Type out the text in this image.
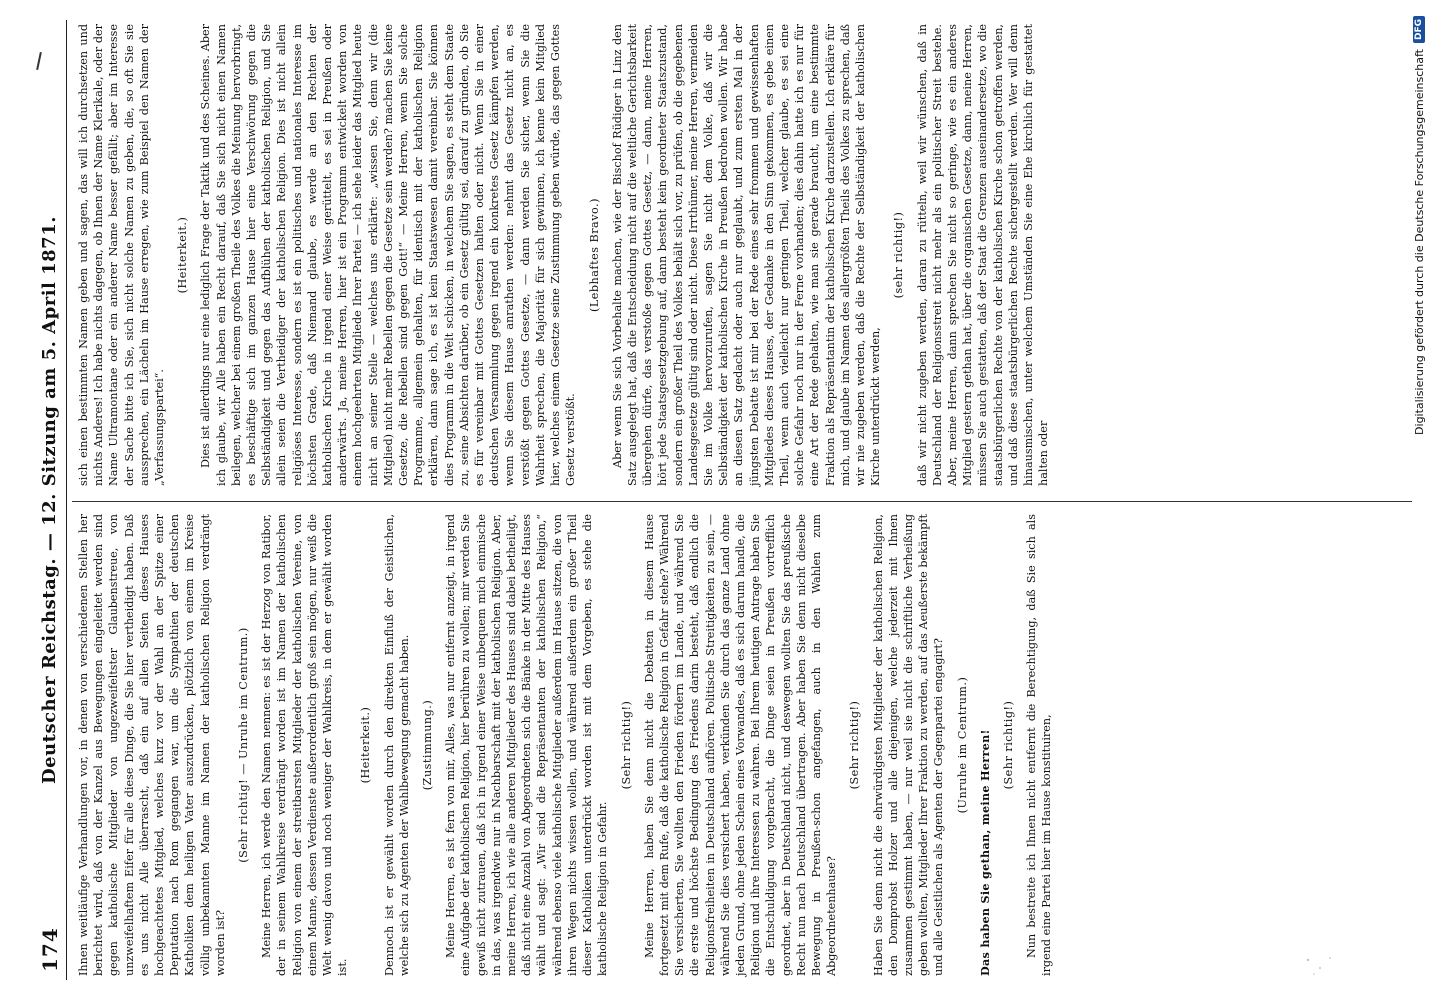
174
Deutscher Reichstag. — 12. Sitzung am 5. April 1871. Ihnen weitläufige Verhandlungen vor, in denen von verschiedenen Stellen her berichtet wird, daß von der Kanzel aus Bewegungen eingeleitet werden sind gegen katholische Mitglieder von ungezweifeltster Glaubenstreue, von unzweifelhaftem Eifer für alle diese Dinge, die Sie hier vertheidigt haben. Daß es uns nicht Alle überrascht, daß ein auf allen Seiten dieses Hauses hochgeachtetes Mitglied, welches kurz vor der Wahl an der Spitze einer Deputation nach Rom gegangen war, um die Sympathien der deutschen Katholiken dem heiligen Vater auszudrücken, plötzlich von einem im Kreise völlig unbekannten Manne im Namen der katholischen Religion verdrängt worden ist?

(Sehr richtig! — Unruhe im Centrum.) Meine Herren, ich werde den Namen nennen: es ist der Herzog von Ratibor, der in seinem Wahlkreise verdrängt worden ist im Namen der katholischen Religion von einem der streitbarsten Mitglieder der katholischen Vereine, von einem Manne, dessen Verdienste außerordentlich groß sein mögen, nur weiß die Welt wenig davon und noch weniger der Wahlkreis, in dem er gewählt worden ist.

(Heiterkeit.) Dennoch ist er gewählt worden durch den direkten Einfluß der Geistlichen, welche sich zu Agenten der Wahlbewegung gemacht haben. (Zustimmung.) Meine Herren, es ist fern von mir, Alles, was nur entfernt anzeigt, in irgend eine Aufgabe der katholischen Religion, hier berühren zu wollen; mir werden Sie gewiß nicht zutrauen, daß ich in irgend einer Weise unbequem mich einmische in das, was irgendwie nur in Nachbarschaft mit der katholischen Religion. Aber, meine Herren, ich wie alle anderen Mitglieder des Hauses sind dabei betheiligt, daß nicht eine Anzahl von Abgeordneten sich die Bänke in der Mitte des Hauses wählt und sagt: „Wir sind die Repräsentanten der katholischen Religion,“ während ebenso viele katholische Mitglieder außerdem im Hause sitzen, die von ihren Wegen nichts wissen wollen, und während außerdem ein großer Theil dieser Katholiken unterdrückt worden ist mit dem Vorgeben, es stehe die katholische Religion in Gefahr.

(Sehr richtig!) Meine Herren, haben Sie denn nicht die Debatten in diesem Hause fortgesetzt mit dem Rufe, daß die katholische Religion in Gefahr stehe? Während Sie versicherten, Sie wollten den Frieden fördern im Lande, und während Sie die erste und höchste Bedingung des Friedens darin besteht, daß endlich die Religionsfreiheiten in Deutschland aufhören. Politische Streitigkeiten zu sein, — während Sie dies versichert haben, verkünden Sie durch das ganze Land ohne jeden Grund, ohne jeden Schein eines Vorwandes, daß es sich darum handle, die Religion und ihre Interessen zu wahren. Bei Ihrem heutigen Antrage haben Sie die Entschuldigung vorgebracht, die Dinge seien in Preußen vortrefflich geordnet, aber in Deutschland nicht, und deswegen wollten Sie das preußische Recht nun nach Deutschland übertragen. Aber haben Sie denn nicht dieselbe Bewegung in Preußen-schon angefangen, auch in den Wahlen zum Abgeordnetenhause?

(Sehr richtig!) Haben Sie denn nicht die ehrwürdigsten Mitglieder der katholischen Religion, den Domprobst Holzer und alle diejenigen, welche jederzeit mit Ihnen zusammen gestimmt haben, — nur weil sie nicht die schriftliche Verheißung geben wollten, Mitglieder Ihrer Fraktion zu werden, auf das Aeußerste bekämpft und alle Geistlichen als Agenten der Gegenpartei engagirt? (Unruhe im Centrum.) Das haben Sie gethan, meine Herren! (Sehr richtig!) Nun bestreite ich Ihnen nicht entfernt die Berechtigung, daß Sie sich als irgend eine Partei hier im Hause konstituiren,

sich einen bestimmten Namen geben und sagen, das will ich durchsetzen und nichts Anderes! Ich habe nichts dagegen, ob Ihnen der Name Klerikale, oder der Name Ultramontane oder ein anderer Name besser gefällt; aber im Interesse der Sache bitte ich Sie, sich nicht solche Namen zu geben, die, so oft Sie sie aussprechen, ein Lächeln im Hause erregen, wie zum Beispiel den Namen der „Verfassungspartei“.

(Heiterkeit.) Dies ist allerdings nur eine lediglich Frage der Taktik und des Scheines. Aber ich glaube, wir Alle haben ein Recht darauf, daß Sie sich nicht einen Namen beilegen, welcher bei einem großen Theile des Volkes die Meinung hervorbringt, es beschäftige sich im ganzen Hause hier eine Verschwörung gegen die Selbständigkeit und gegen das Aufblühen der katholischen Religion, und Sie allein seien die Vertheidiger der katholischen Religion. Dies ist nicht allein religiöses Interesse, sondern es ist ein politisches und nationales Interesse im höchsten Grade, daß Niemand glaube, es werde an den Rechten der katholischen Kirche in irgend einer Weise gerüttelt, es sei in Preußen oder anderwärts. Ja, meine Herren, hier ist ein Programm entwickelt worden von einem hochgeehrten Mitgliede Ihrer Partei — ich sehe leider das Mitglied heute nicht an seiner Stelle — welches uns erklärte: „wissen Sie, denn wir (die Mitglied) nicht mehr Rebellen gegen die Gesetze sein werden? machen Sie keine Gesetze, die Rebellen sind gegen Gott!“ — Meine Herren, wenn Sie solche Programme, allgemein gehalten, für identisch mit der katholischen Religion erklären, dann sage ich, es ist kein Staatswesen damit vereinbar. Sie können dies Programm in die Welt schicken, in welchem Sie sagen, es steht dem Staate zu, seine Absichten darüber, ob ein Gesetz gültig sei, darauf zu gründen, ob Sie es für vereinbar mit Gottes Gesetzen halten oder nicht. Wenn Sie in einer deutschen Versammlung gegen irgend ein konkretes Gesetz kämpfen werden, wenn Sie diesem Hause anrathen werden: nehmt das Gesetz nicht an, es verstößt gegen Gottes Gesetze, — dann werden Sie sicher, wenn Sie die Wahrheit sprechen, die Majorität für sich gewinnen, ich kenne kein Mitglied hier, welches einem Gesetze seine Zustimmung geben würde, das gegen Gottes Gesetz verstößt.

(Lebhaftes Bravo.) Aber wenn Sie sich Vorbehalte machen, wie der Bischof Rüdiger in Linz den Satz ausgelegt hat, daß die Entscheidung nicht auf die weltliche Gerichtsbarkeit übergehen dürfe, das verstoße gegen Gottes Gesetz, — dann, meine Herren, hört jede Staatsgesetzgebung auf, dann besteht kein geordneter Staatszustand, sondern ein großer Theil des Volkes behält sich vor, zu prüfen, ob die gegebenen Landesgesetze gültig sind oder nicht. Diese Irrthümer, meine Herren, vermeiden Sie im Volke hervorzurufen, sagen Sie nicht dem Volke, daß wir die Selbständigkeit der katholischen Kirche in Preußen bedrohen wollen. Wir habe an diesen Satz gedacht oder auch nur geglaubt, und zum ersten Mal in der jüngsten Debatte ist mir bei der Rede eines sehr frommen und gewissenhaften Mitgliedes dieses Hauses, der Gedanke in den Sinn gekommen, es gebe einen Theil, wenn auch vielleicht nur geringen Theil, welcher glaube, es sei eine solche Gefahr noch nur in der Ferne vorhanden; dies dahin hatte ich es nur für eine Art der Rede gehalten, wie man sie gerade braucht, um eine bestimmte Fraktion als Repräsentantin der katholischen Kirche darzustellen. Ich erkläre für mich, und glaube im Namen des allergrößten Theils des Volkes zu sprechen, daß wir nie zugeben werden, daß die Rechte der Selbständigkeit der katholischen Kirche unterdrückt werden,

(sehr richtig!) daß wir nicht zugeben werden, daran zu rütteln, weil wir wünschen, daß in Deutschland der Religionsstreit nicht mehr als ein politischer Streit bestehe. Aber, meine Herren, dann sprechen Sie nicht so geringe, wie es ein anderes Mitglied gestern gethan hat, über die organischen Gesetze, dann, meine Herren, müssen Sie auch gestatten, daß der Staat die Grenzen auseinandersetze, wo die staatsbürgerlichen Rechte von der katholischen Kirche schon getroffen werden, und daß diese staatsbürgerlichen Rechte sichergestellt werden. Wer will denn hinausmischen, unter welchem Umständen Sie eine Ehe kirchlich für gestattet halten oder

Digitalisierung gefördert durch die Deutsche Forschungsgemeinschaft
DFG
